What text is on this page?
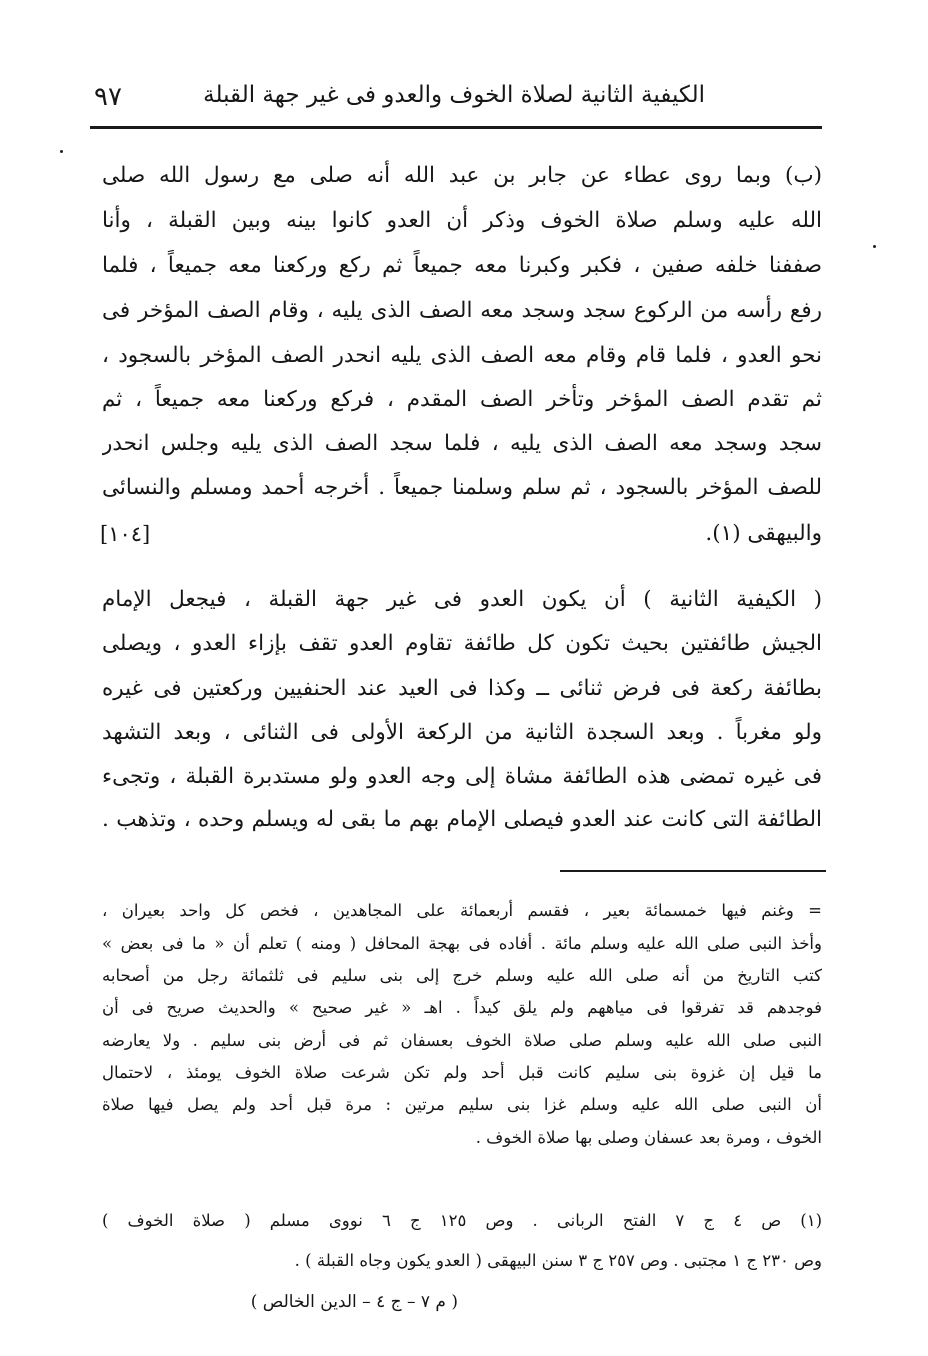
الكيفية الثانية لصلاة الخوف والعدو فى غير جهة القبلة
٩٧
(ب) وبما روى عطاء عن جابر بن عبد الله أنه صلى مع رسول الله صلى
الله عليه وسلم صلاة الخوف وذكر أن العدو كانوا بينه وبين القبلة ، وأنا
صففنا خلفه صفين ، فكبر وكبرنا معه جميعاً ثم ركع وركعنا معه جميعاً ، فلما
رفع رأسه من الركوع سجد وسجد معه الصف الذى يليه ، وقام الصف المؤخر فى
نحو العدو ، فلما قام وقام معه الصف الذى يليه انحدر الصف المؤخر بالسجود ،
ثم تقدم الصف المؤخر وتأخر الصف المقدم ، فركع وركعنا معه جميعاً ، ثم
سجد وسجد معه الصف الذى يليه ، فلما سجد الصف الذى يليه وجلس انحدر
للصف المؤخر بالسجود ، ثم سلم وسلمنا جميعاً . أخرجه أحمد ومسلم والنسائى
والبيهقى (١).
[١٠٤]
( الكيفية الثانية ) أن يكون العدو فى غير جهة القبلة ، فيجعل الإمام
الجيش طائفتين بحيث تكون كل طائفة تقاوم العدو تقف بإزاء العدو ، ويصلى
بطائفة ركعة فى فرض ثنائى ــ وكذا فى العيد عند الحنفيين وركعتين فى غيره
ولو مغرباً . وبعد السجدة الثانية من الركعة الأولى فى الثنائى ، وبعد التشهد
فى غيره تمضى هذه الطائفة مشاة إلى وجه العدو ولو مستدبرة القبلة ، وتجىء
الطائفة التى كانت عند العدو فيصلى الإمام بهم ما بقى له ويسلم وحده ، وتذهب .
= وغنم فيها خمسمائة بعير ، فقسم أربعمائة على المجاهدين ، فخص كل واحد بعيران ،
وأخذ النبى صلى الله عليه وسلم مائة . أفاده فى بهجة المحافل ( ومنه ) تعلم أن « ما فى بعض »
كتب التاريخ من أنه صلى الله عليه وسلم خرج إلى بنى سليم فى ثلثمائة رجل من أصحابه
فوجدهم قد تفرقوا فى مياههم ولم يلق كيداً . اهـ « غير صحيح » والحديث صريح فى أن
النبى صلى الله عليه وسلم صلى صلاة الخوف بعسفان ثم فى أرض بنى سليم . ولا يعارضه
ما قيل إن غزوة بنى سليم كانت قبل أحد ولم تكن شرعت صلاة الخوف يومئذ ، لاحتمال
أن النبى صلى الله عليه وسلم غزا بنى سليم مرتين : مرة قبل أحد ولم يصل فيها صلاة
الخوف ، ومرة بعد عسفان وصلى بها صلاة الخوف .
(١) ص ٤ ج ٧ الفتح الربانى . وص ١٢٥ ج ٦ نووى مسلم ( صلاة الخوف )
وص ٢٣٠ ج ١ مجتبى . وص ٢٥٧ ج ٣ سنن البيهقى ( العدو يكون وجاه القبلة ) .
( م ٧ – ج ٤ – الدين الخالص )
